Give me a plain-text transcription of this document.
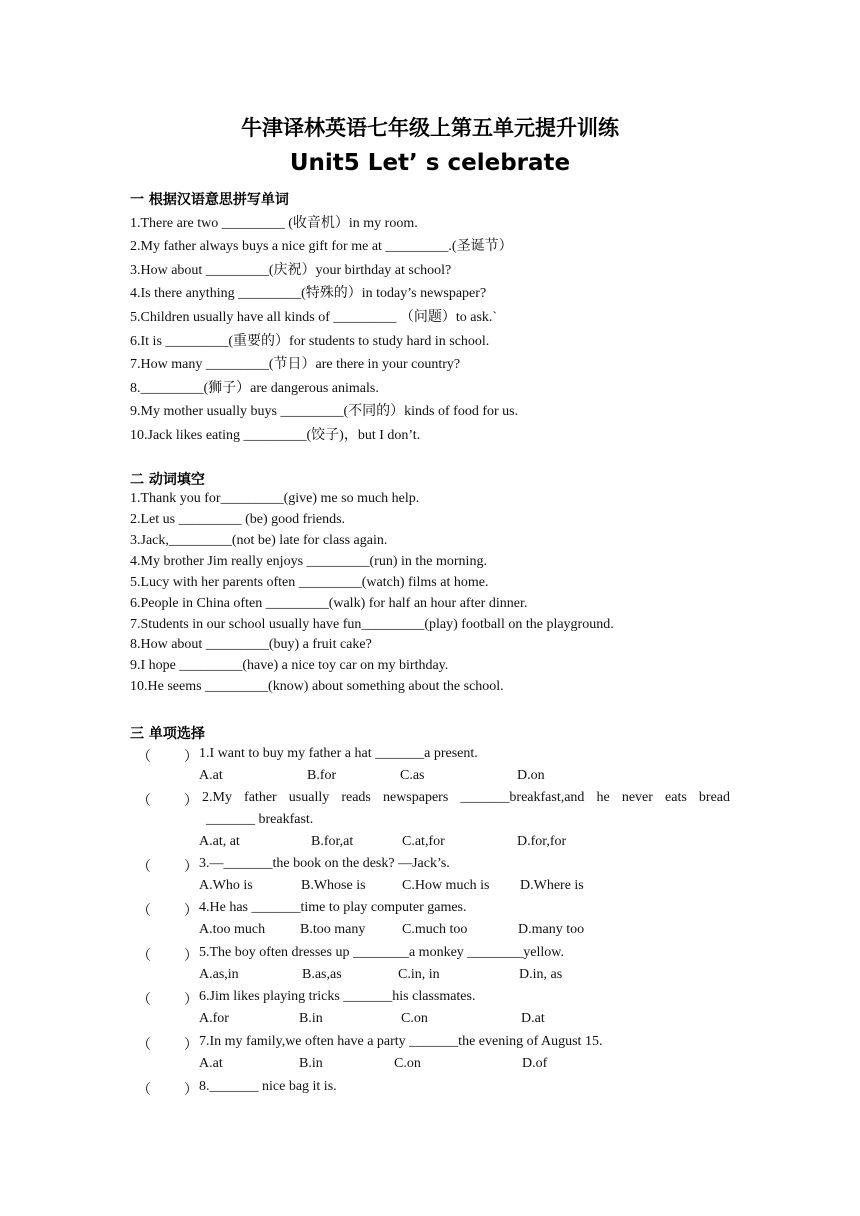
牛津译林英语七年级上第五单元提升训练
Unit5 Let’ s celebrate
一 根据汉语意思拼写单词
1.There are two _________ (收音机）in my room.
2.My father always buys a nice gift for me at _________.(圣诞节）
3.How about _________(庆祝）your birthday at school?
4.Is there anything _________(特殊的）in today’s newspaper?
5.Children usually have all kinds of _________ （问题）to ask.`
6.It is _________(重要的）for students to study hard in school.
7.How many _________(节日）are there in your country?
8._________(狮子）are dangerous animals.
9.My mother usually buys _________(不同的）kinds of food for us.
10.Jack likes eating _________(饺子)，but I don’t.
二 动词填空
1.Thank you for_________(give) me so much help.
2.Let us _________ (be) good friends.
3.Jack,_________(not be) late for class again.
4.My brother Jim really enjoys _________(run) in the morning.
5.Lucy with her parents often _________(watch) films at home.
6.People in China often _________(walk) for half an hour after dinner.
7.Students in our school usually have fun_________(play) football on the playground.
8.How about _________(buy) a fruit cake?
9.I hope _________(have) a nice toy car on my birthday.
10.He seems _________(know) about something about the school.
三 单项选择
（ ） 1.I want to buy my father a hat _______a present.
A.at	B.for	C.as	D.on
（ ） 2.My father usually reads newspapers _______breakfast,and he never eats bread
_______ breakfast.
A.at, at	B.for,at	C.at,for	D.for,for
（ ） 3.—_______the book on the desk? —Jack’s.
A.Who is	B.Whose is	C.How much is D.Where is
（ ） 4.He has _______time to play computer games.
A.too much B.too many	C.much too	D.many too
（ ） 5.The boy often dresses up ________a monkey ________yellow.
A.as,in	B.as,as	C.in, in	D.in, as
（ ） 6.Jim likes playing tricks _______his classmates.
A.for	B.in	C.on	D.at
（ ） 7.In my family,we often have a party _______the evening of August 15.
A.at	B.in	C.on	D.of
（ ） 8._______ nice bag it is.
